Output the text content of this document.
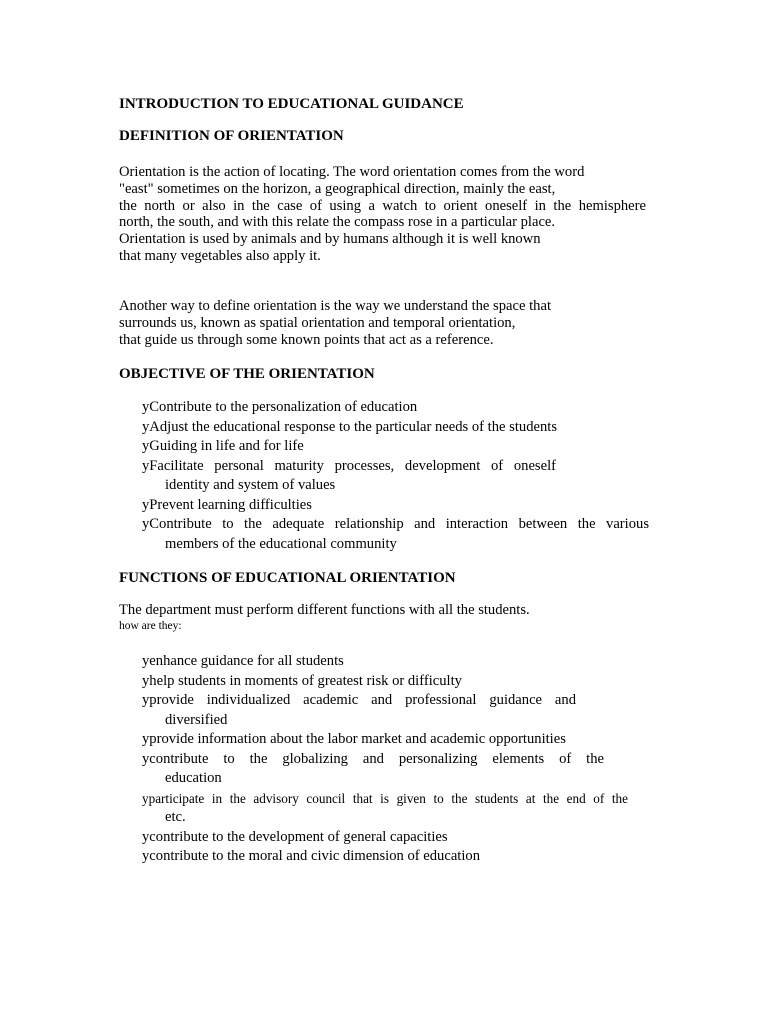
INTRODUCTION TO EDUCATIONAL GUIDANCE
DEFINITION OF ORIENTATION
Orientation is the action of locating. The word orientation comes from the word
"east" sometimes on the horizon, a geographical direction, mainly the east,
the north or also in the case of using a watch to orient oneself in the hemisphere
north, the south, and with this relate the compass rose in a particular place.
Orientation is used by animals and by humans although it is well known
that many vegetables also apply it.
Another way to define orientation is the way we understand the space that
surrounds us, known as spatial orientation and temporal orientation,
that guide us through some known points that act as a reference.
OBJECTIVE OF THE ORIENTATION
yContribute to the personalization of education
yAdjust the educational response to the particular needs of the students
yGuiding in life and for life
yFacilitate personal maturity processes, development of oneself
identity and system of values
yPrevent learning difficulties
yContribute to the adequate relationship and interaction between the various
members of the educational community
FUNCTIONS OF EDUCATIONAL ORIENTATION
The department must perform different functions with all the students.
how are they:
yenhance guidance for all students
yhelp students in moments of greatest risk or difficulty
yprovide individualized academic and professional guidance and
diversified
yprovide information about the labor market and academic opportunities
ycontribute to the globalizing and personalizing elements of the
education
yparticipate in the advisory council that is given to the students at the end of the
etc.
ycontribute to the development of general capacities
ycontribute to the moral and civic dimension of education
